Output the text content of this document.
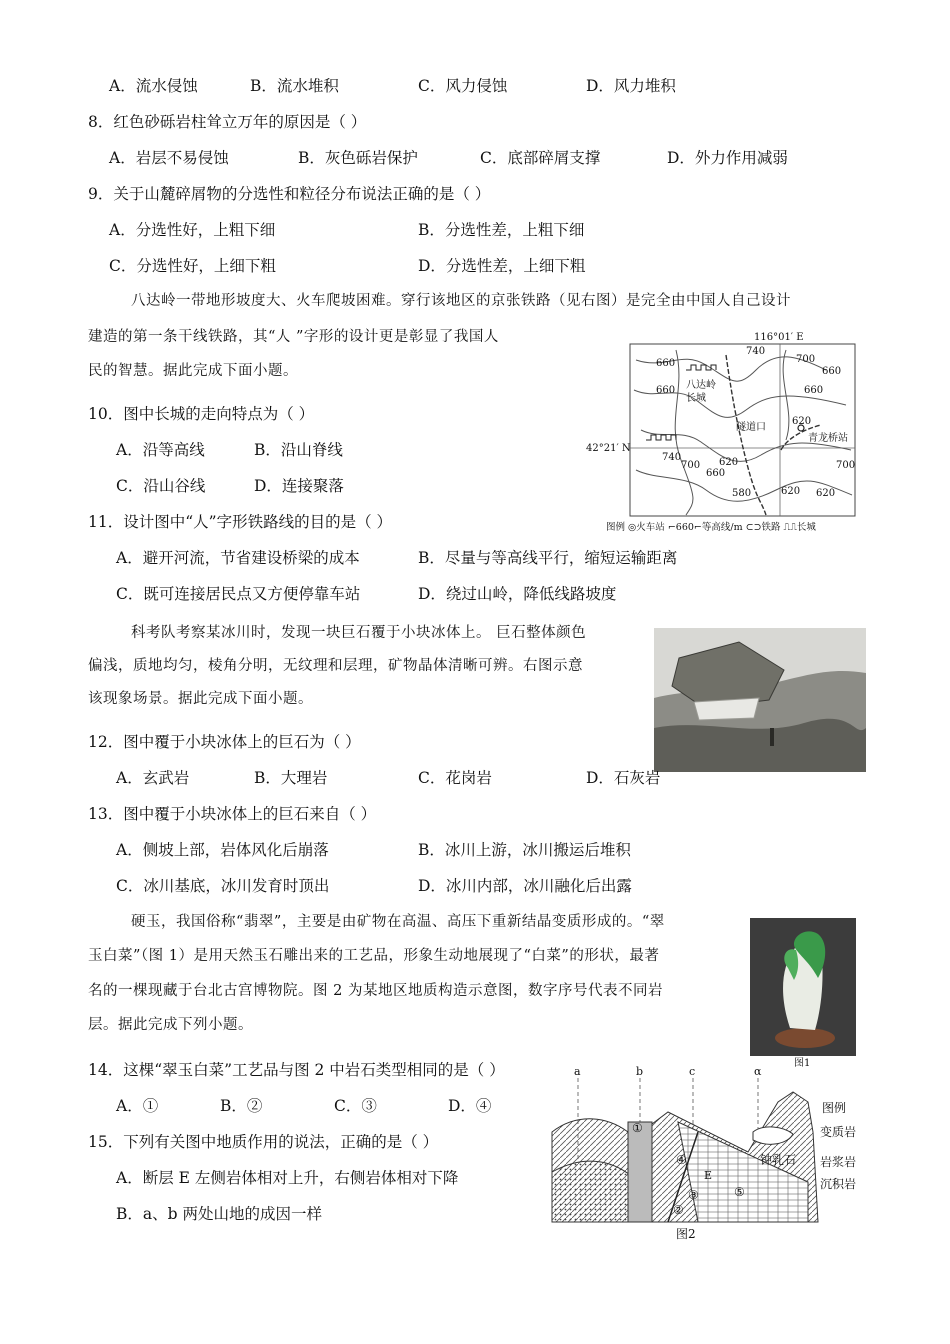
A．流水侵蚀	B．流水堆积	C．风力侵蚀	D．风力堆积
8．红色砂砾岩柱耸立万年的原因是（ ）
A．岩层不易侵蚀	B．灰色砾岩保护	C．底部碎屑支撑	D．外力作用减弱
9．关于山麓碎屑物的分选性和粒径分布说法正确的是（ ）
A．分选性好，上粗下细	B．分选性差，上粗下细
C．分选性好，上细下粗	D．分选性差，上细下粗
八达岭一带地形坡度大、火车爬坡困难。穿行该地区的京张铁路（见右图）是完全由中国人自己设计
建造的第一条干线铁路，其“人 ”字形的设计更是彰显了我国人
民的智慧。据此完成下面小题。
116°01′ E
42°21′ N
660
740
700
660	660
620
740
700
660
620
580	620
700
620
660
八达岭
长城
隧道口
青龙桥站
图例 ◎火车站 ⌐660⌐等高线/m ⊂⊃铁路 ⎍⎍长城
10．图中长城的走向特点为（ ）
A．沿等高线	B．沿山脊线
C．沿山谷线	D．连接聚落
11．设计图中“人”字形铁路线的目的是（ ）
A．避开河流，节省建设桥梁的成本	B．尽量与等高线平行，缩短运输距离
C．既可连接居民点又方便停靠车站	D．绕过山岭，降低线路坡度
科考队考察某冰川时，发现一块巨石覆于小块冰体上。 巨石整体颜色
偏浅，质地均匀，棱角分明，无纹理和层理，矿物晶体清晰可辨。右图示意
该现象场景。据此完成下面小题。
12．图中覆于小块冰体上的巨石为（ ）
A．玄武岩	B．大理岩	C．花岗岩	D．石灰岩
13．图中覆于小块冰体上的巨石来自（ ）
A．侧坡上部，岩体风化后崩落	B．冰川上游，冰川搬运后堆积
C．冰川基底，冰川发育时顶出	D．冰川内部，冰川融化后出露
硬玉，我国俗称“翡翠”，主要是由矿物在高温、高压下重新结晶变质形成的。“翠
玉白菜”（图 1）是用天然玉石雕出来的工艺品，形象生动地展现了“白菜”的形状，最著
名的一棵现藏于台北古宫博物院。图 2 为某地区地质构造示意图，数字序号代表不同岩
层。据此完成下列小题。
图1
14．这棵“翠玉白菜”工艺品与图 2 中岩石类型相同的是（ ）
A．①	B．②	C．③	D．④
15．下列有关图中地质作用的说法，正确的是（ ）
A．断层 E 左侧岩体相对上升，右侧岩体相对下降
B．a、b 两处山地的成因一样
a	b	c	α
①
②
③
④
⑤
E
钟乳石
图例
变质岩
岩浆岩
沉积岩
图2
